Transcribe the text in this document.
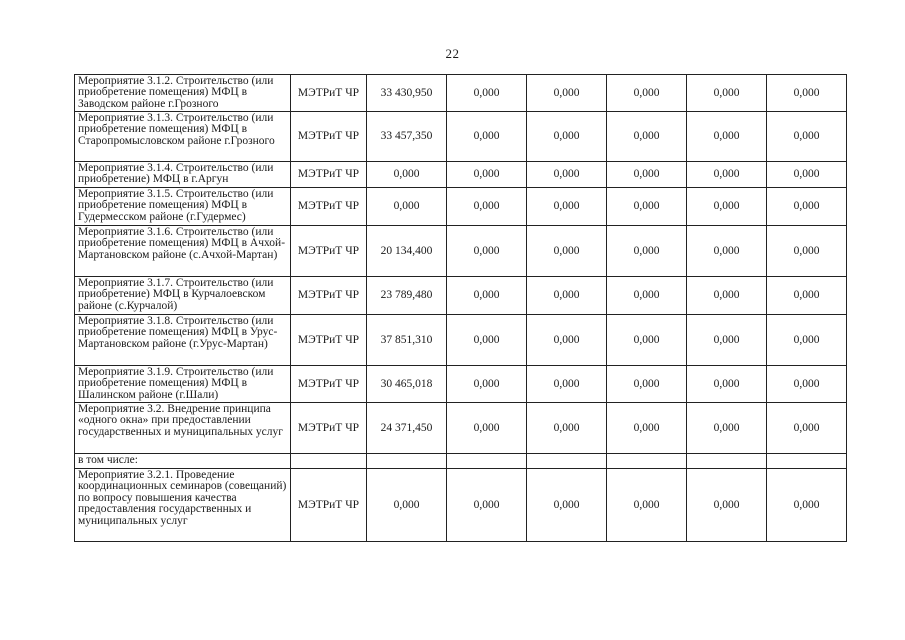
22
Мероприятие 3.1.2. Строительство (или приобретение помещения) МФЦ в Заводском районе г.Грозного	МЭТРиТ ЧР	33 430,950	0,000	0,000	0,000	0,000	0,000
Мероприятие 3.1.3. Строительство (или приобретение помещения) МФЦ в Старопромысловском районе г.Грозного	МЭТРиТ ЧР	33 457,350	0,000	0,000	0,000	0,000	0,000
Мероприятие 3.1.4. Строительство (или приобретение) МФЦ в г.Аргун	МЭТРиТ ЧР	0,000	0,000	0,000	0,000	0,000	0,000
Мероприятие 3.1.5. Строительство (или приобретение помещения) МФЦ в Гудермесском районе (г.Гудермес)	МЭТРиТ ЧР	0,000	0,000	0,000	0,000	0,000	0,000
Мероприятие 3.1.6. Строительство (или приобретение помещения) МФЦ в Ачхой-Мартановском районе (с.Ачхой-Мартан)	МЭТРиТ ЧР	20 134,400	0,000	0,000	0,000	0,000	0,000
Мероприятие 3.1.7. Строительство (или приобретение) МФЦ в Курчалоевском районе (с.Курчалой)	МЭТРиТ ЧР	23 789,480	0,000	0,000	0,000	0,000	0,000
Мероприятие 3.1.8. Строительство (или приобретение помещения) МФЦ в Урус-Мартановском районе (г.Урус-Мартан)	МЭТРиТ ЧР	37 851,310	0,000	0,000	0,000	0,000	0,000
Мероприятие 3.1.9. Строительство (или приобретение помещения) МФЦ в Шалинском районе (г.Шали)	МЭТРиТ ЧР	30 465,018	0,000	0,000	0,000	0,000	0,000
Мероприятие 3.2. Внедрение принципа «одного окна» при предоставлении государственных и муниципальных услуг	МЭТРиТ ЧР	24 371,450	0,000	0,000	0,000	0,000	0,000
в том числе:							
Мероприятие 3.2.1. Проведение координационных семинаров (совещаний) по вопросу повышения качества предоставления государственных и муниципальных услуг	МЭТРиТ ЧР	0,000	0,000	0,000	0,000	0,000	0,000
